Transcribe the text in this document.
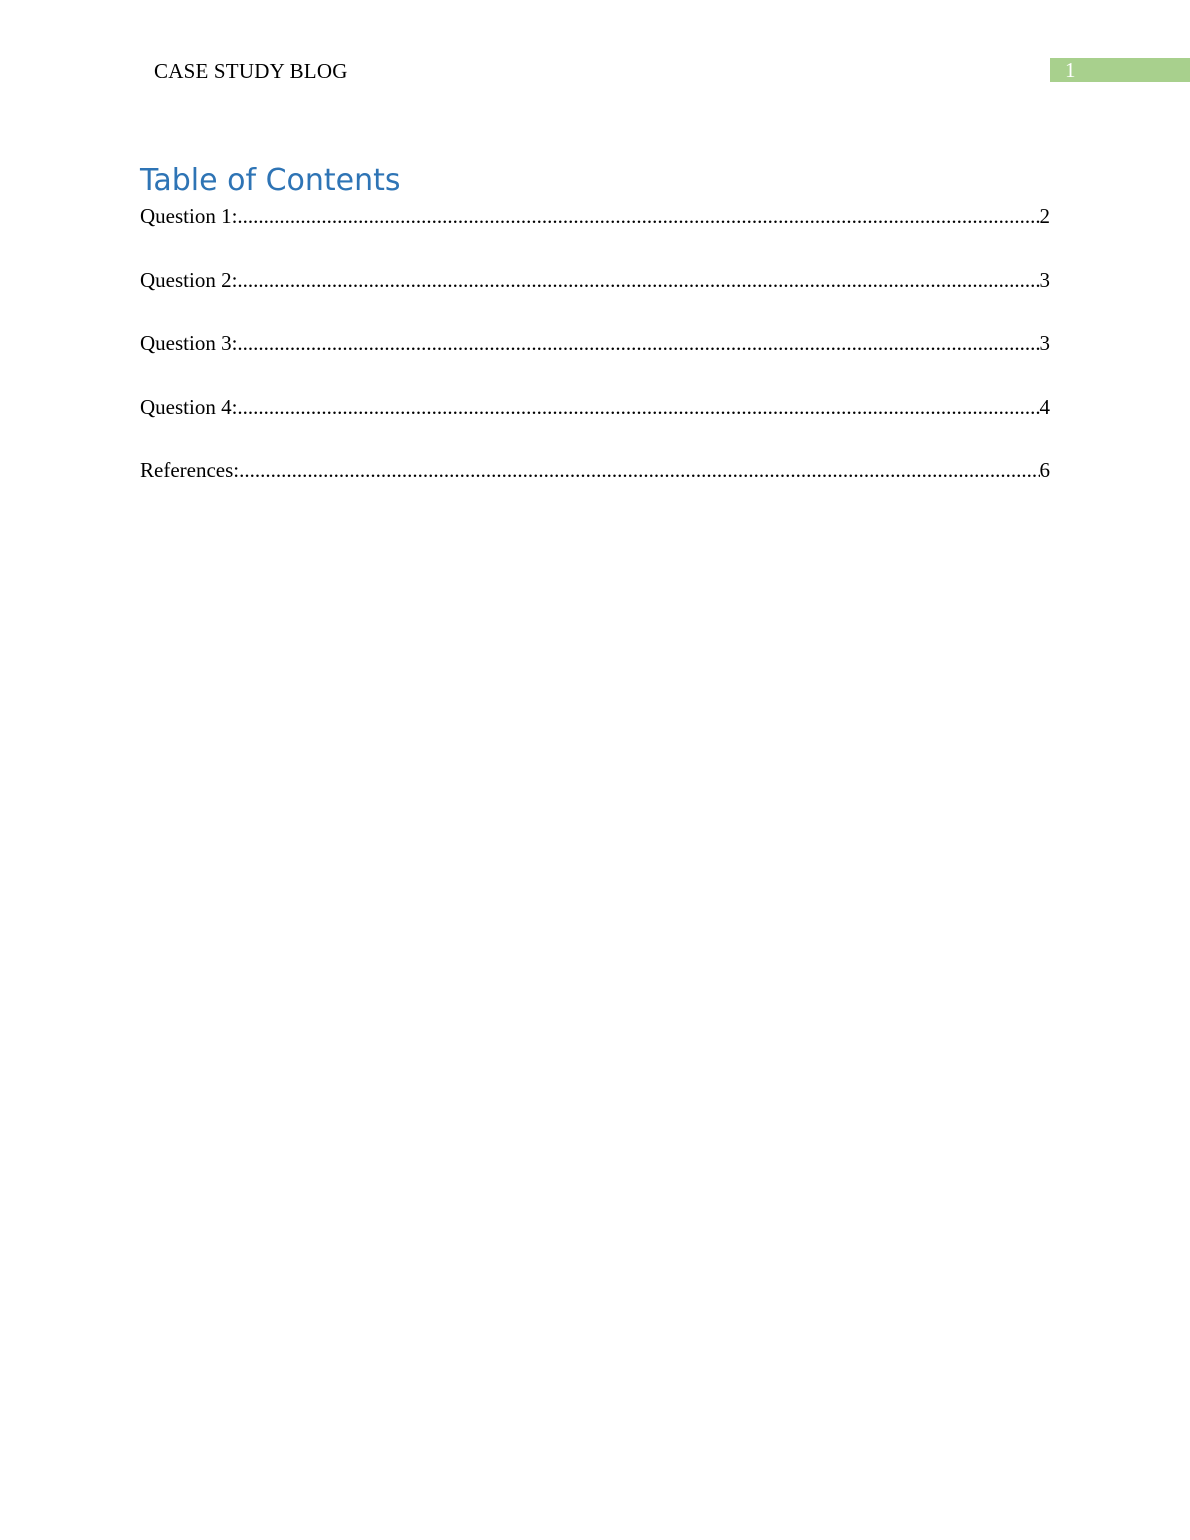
CASE STUDY BLOG	1
Table of Contents
Question 1: .....	2
Question 2: .....	3
Question 3: .....	3
Question 4: .....	4
References: .....	6
